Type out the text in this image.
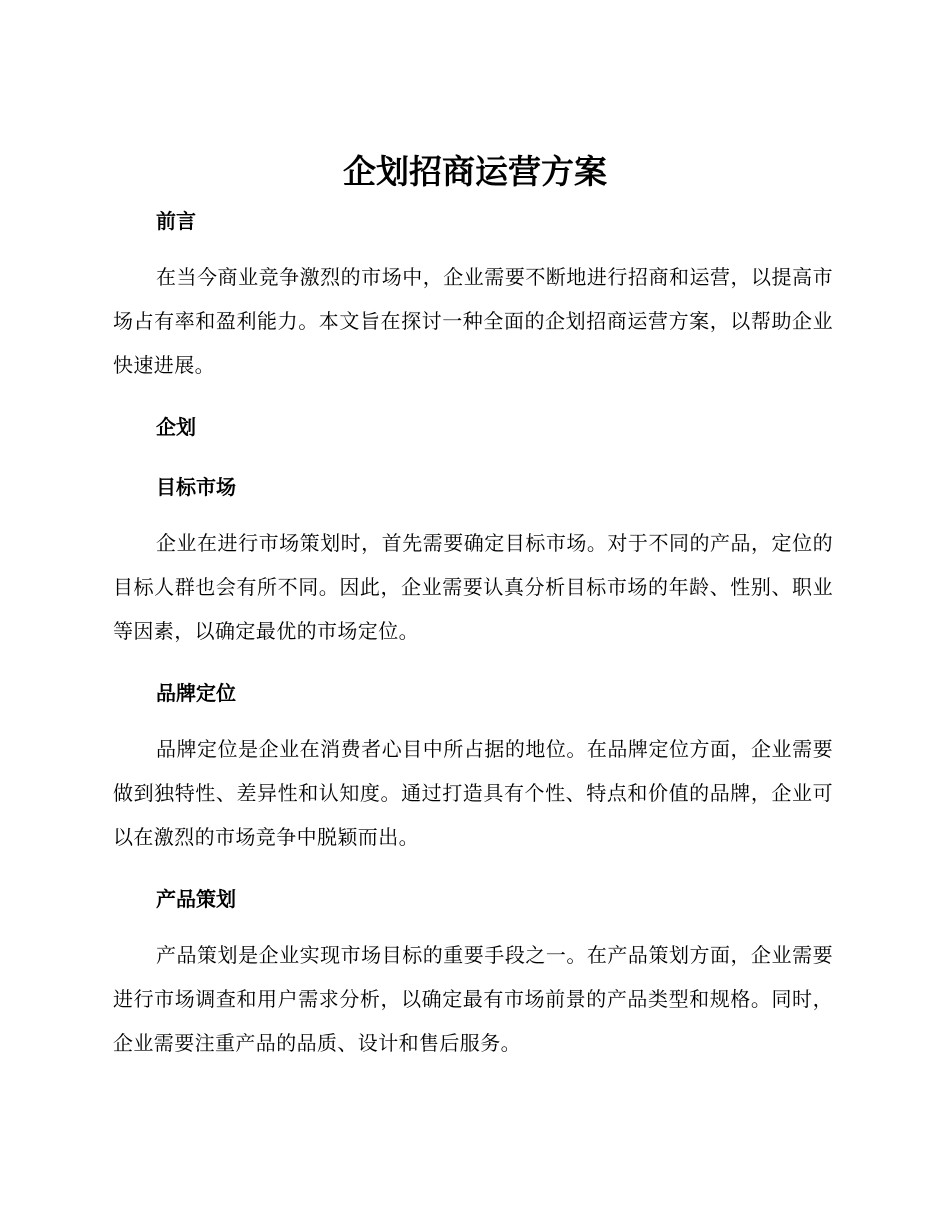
企划招商运营方案
前言

在当今商业竞争激烈的市场中，企业需要不断地进行招商和运营，以提高市场占有率和盈利能力。本文旨在探讨一种全面的企划招商运营方案，以帮助企业快速进展。

企划
目标市场

企业在进行市场策划时，首先需要确定目标市场。对于不同的产品，定位的目标人群也会有所不同。因此，企业需要认真分析目标市场的年龄、性别、职业等因素，以确定最优的市场定位。

品牌定位

品牌定位是企业在消费者心目中所占据的地位。在品牌定位方面，企业需要做到独特性、差异性和认知度。通过打造具有个性、特点和价值的品牌，企业可以在激烈的市场竞争中脱颖而出。

产品策划

产品策划是企业实现市场目标的重要手段之一。在产品策划方面，企业需要进行市场调查和用户需求分析，以确定最有市场前景的产品类型和规格。同时，企业需要注重产品的品质、设计和售后服务。
